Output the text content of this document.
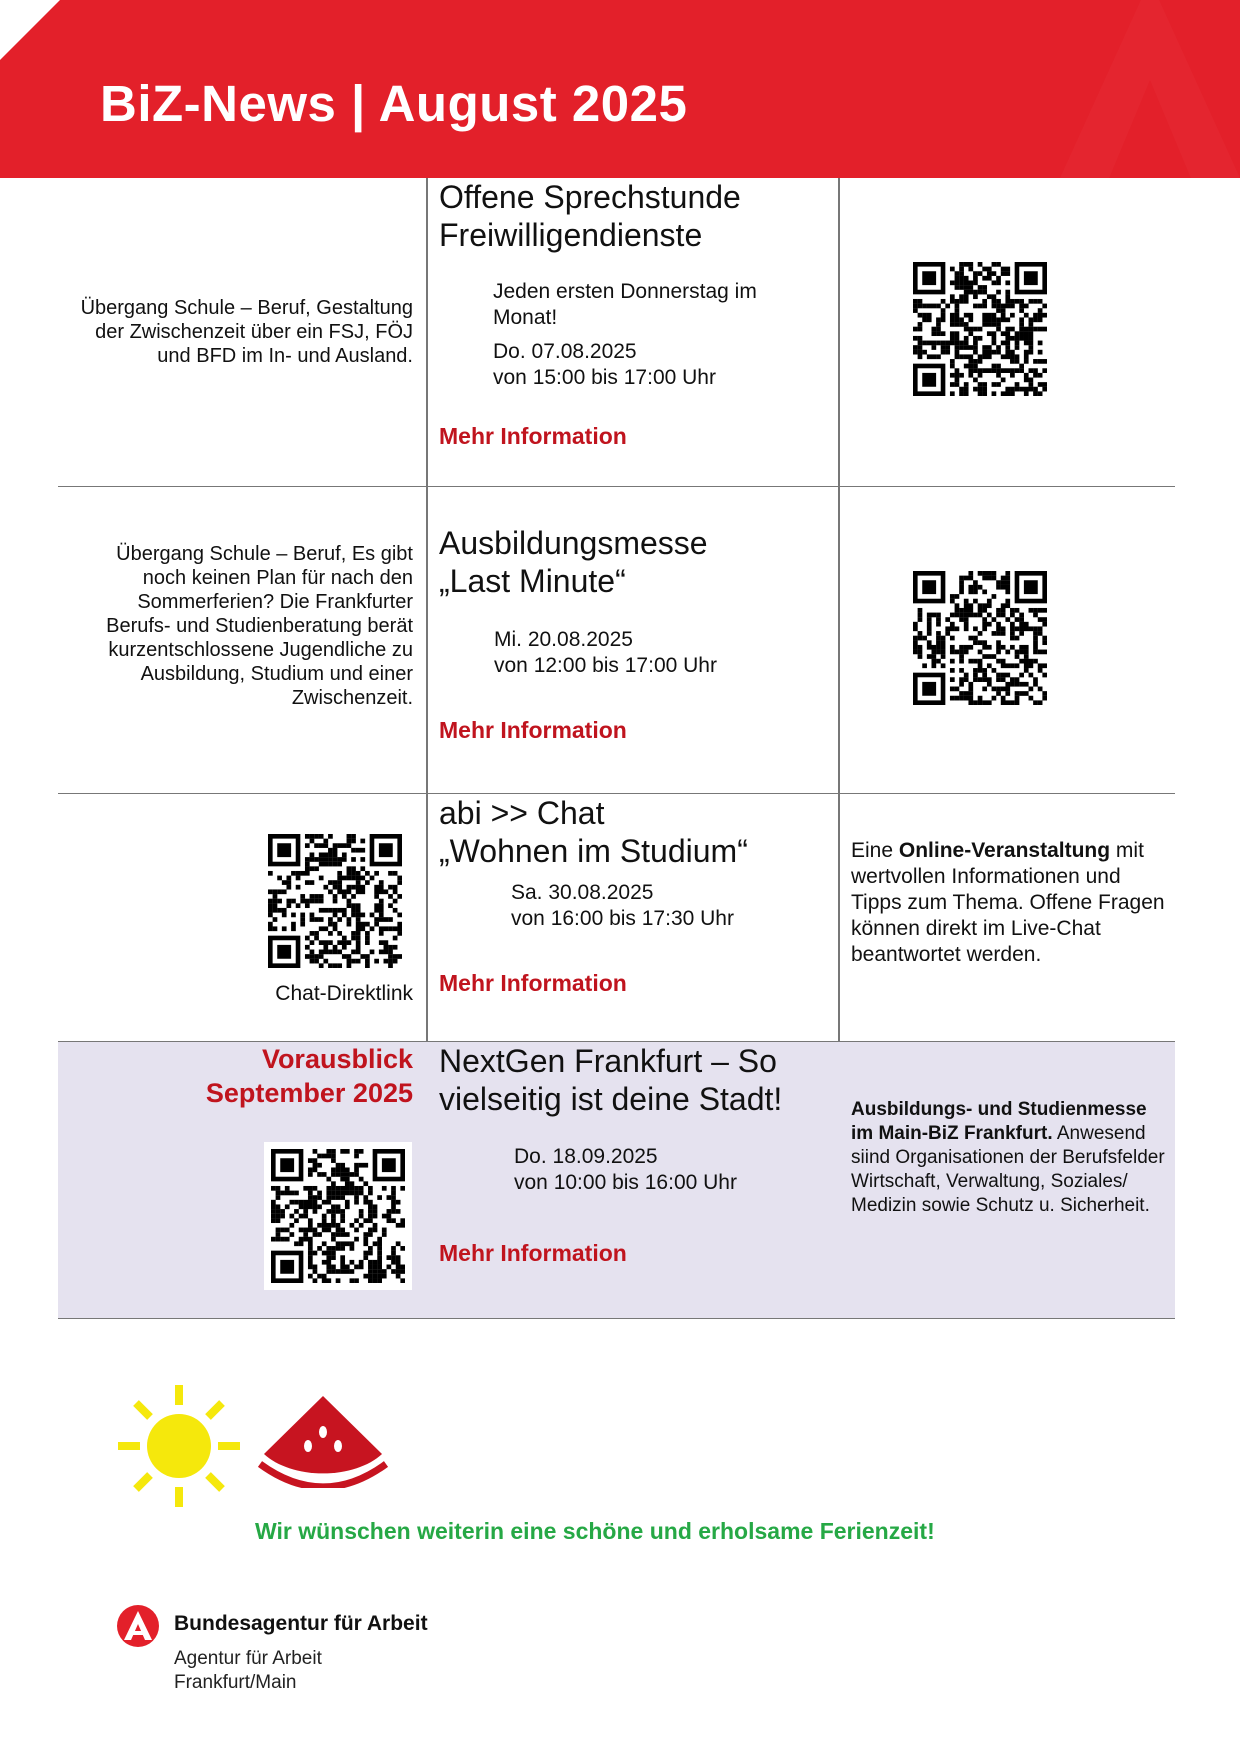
BiZ-News | August 2025
Übergang Schule – Beruf, Gestaltung der Zwischenzeit über ein FSJ, FÖJ und BFD im In- und Ausland.
Offene Sprechstunde
Freiwilligendienste
Jeden ersten Donnerstag im Monat!
Do. 07.08.2025
von 15:00 bis 17:00 Uhr
Mehr Information
Übergang Schule – Beruf, Es gibt noch keinen Plan für nach den Sommerferien? Die Frankfurter Berufs- und Studienberatung berät kurzentschlossene Jugendliche zu Ausbildung, Studium und einer Zwischenzeit.
Ausbildungsmesse
„Last Minute“
Mi. 20.08.2025
von 12:00 bis 17:00 Uhr
Mehr Information
Chat-Direktlink
abi >> Chat
„Wohnen im Studium“
Sa. 30.08.2025
von 16:00 bis 17:30 Uhr
Mehr Information
Eine Online-Veranstaltung mit wertvollen Informationen und Tipps zum Thema. Offene Fragen können direkt im Live-Chat beantwortet werden.
Vorausblick
September 2025
NextGen Frankfurt – So
vielseitig ist deine Stadt!
Do. 18.09.2025
von 10:00 bis 16:00 Uhr
Mehr Information
Ausbildungs- und Studienmesse im Main-BiZ Frankfurt. Anwesend siind Organisationen der Berufsfelder Wirtschaft, Verwaltung, Soziales/ Medizin sowie Schutz u. Sicherheit.
Wir wünschen weiterin eine schöne und erholsame Ferienzeit!
Bundesagentur für Arbeit
Agentur für Arbeit
Frankfurt/Main
